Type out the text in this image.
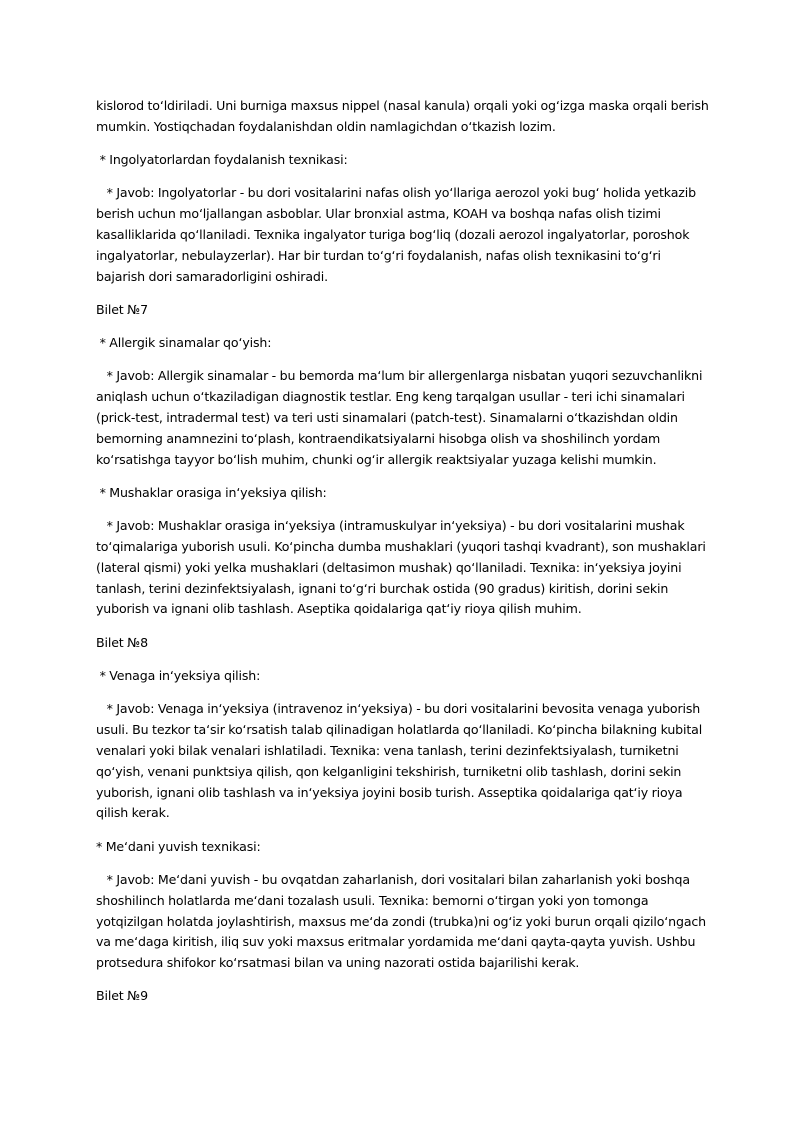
kislorod to‘ldiriladi. Uni burniga maxsus nippel (nasal kanula) orqali yoki og‘izga maska orqali berish mumkin. Yostiqchadan foydalanishdan oldin namlagichdan o‘tkazish lozim.

* Ingolyatorlardan foydalanish texnikasi:

* Javob: Ingolyatorlar - bu dori vositalarini nafas olish yo‘llariga aerozol yoki bug‘ holida yetkazib berish uchun mo‘ljallangan asboblar. Ular bronxial astma, KOAH va boshqa nafas olish tizimi kasalliklarida qo‘llaniladi. Texnika ingalyator turiga bog‘liq (dozali aerozol ingalyatorlar, poroshok ingalyatorlar, nebulayzerlar). Har bir turdan to‘g‘ri foydalanish, nafas olish texnikasini to‘g‘ri bajarish dori samaradorligini oshiradi.

Bilet №7

* Allergik sinamalar qo‘yish:

* Javob: Allergik sinamalar - bu bemorda ma‘lum bir allergenlarga nisbatan yuqori sezuvchanlikni aniqlash uchun o‘tkaziladigan diagnostik testlar. Eng keng tarqalgan usullar - teri ichi sinamalari (prick-test, intradermal test) va teri usti sinamalari (patch-test). Sinamalarni o‘tkazishdan oldin bemorning anamnezini to‘plash, kontraendikatsiyalarni hisobga olish va shoshilinch yordam ko‘rsatishga tayyor bo‘lish muhim, chunki og‘ir allergik reaktsiyalar yuzaga kelishi mumkin.

* Mushaklar orasiga in‘yeksiya qilish:

* Javob: Mushaklar orasiga in‘yeksiya (intramuskulyar in‘yeksiya) - bu dori vositalarini mushak to‘qimalariga yuborish usuli. Ko‘pincha dumba mushaklari (yuqori tashqi kvadrant), son mushaklari (lateral qismi) yoki yelka mushaklari (deltasimon mushak) qo‘llaniladi. Texnika: in‘yeksiya joyini tanlash, terini dezinfektsiyalash, ignani to‘g‘ri burchak ostida (90 gradus) kiritish, dorini sekin yuborish va ignani olib tashlash. Aseptika qoidalariga qat‘iy rioya qilish muhim.

Bilet №8

* Venaga in‘yeksiya qilish:

* Javob: Venaga in‘yeksiya (intravenoz in‘yeksiya) - bu dori vositalarini bevosita venaga yuborish usuli. Bu tezkor ta‘sir ko‘rsatish talab qilinadigan holatlarda qo‘llaniladi. Ko‘pincha bilakning kubital venalari yoki bilak venalari ishlatiladi. Texnika: vena tanlash, terini dezinfektsiyalash, turniketni qo‘yish, venani punktsiya qilish, qon kelganligini tekshirish, turniketni olib tashlash, dorini sekin yuborish, ignani olib tashlash va in‘yeksiya joyini bosib turish. Asseptika qoidalariga qat‘iy rioya qilish kerak.

* Me‘dani yuvish texnikasi:

* Javob: Me‘dani yuvish - bu ovqatdan zaharlanish, dori vositalari bilan zaharlanish yoki boshqa shoshilinch holatlarda me‘dani tozalash usuli. Texnika: bemorni o‘tirgan yoki yon tomonga yotqizilgan holatda joylashtirish, maxsus me‘da zondi (trubka)ni og‘iz yoki burun orqali qizilo‘ngach va me‘daga kiritish, iliq suv yoki maxsus eritmalar yordamida me‘dani qayta-qayta yuvish. Ushbu protsedura shifokor ko‘rsatmasi bilan va uning nazorati ostida bajarilishi kerak.

Bilet №9
